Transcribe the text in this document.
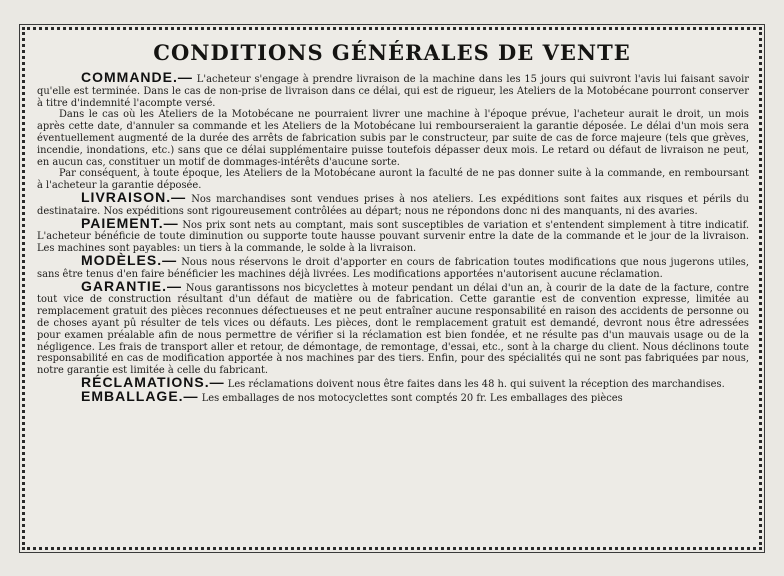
CONDITIONS GÉNÉRALES DE VENTE

COMMANDE.— L'acheteur s'engage à prendre livraison de la machine dans les 15 jours qui suivront l'avis lui faisant savoir qu'elle est terminée. Dans le cas de non-prise de livraison dans ce délai, qui est de rigueur, les Ateliers de la Motobécane pourront conserver à titre d'indemnité l'acompte versé.

Dans le cas où les Ateliers de la Motobécane ne pourraient livrer une machine à l'époque prévue, l'acheteur aurait le droit, un mois après cette date, d'annuler sa commande et les Ateliers de la Motobécane lui rembourseraient la garantie déposée. Le délai d'un mois sera éventuellement augmenté de la durée des arrêts de fabrication subis par le constructeur, par suite de cas de force majeure (tels que grèves, incendie, inondations, etc.) sans que ce délai supplémentaire puisse toutefois dépasser deux mois. Le retard ou défaut de livraison ne peut, en aucun cas, constituer un motif de dommages-intérêts d'aucune sorte.

Par conséquent, à toute époque, les Ateliers de la Motobécane auront la faculté de ne pas donner suite à la commande, en remboursant à l'acheteur la garantie déposée.

LIVRAISON.— Nos marchandises sont vendues prises à nos ateliers. Les expéditions sont faites aux risques et périls du destinataire. Nos expéditions sont rigoureusement contrôlées au départ; nous ne répondons donc ni des manquants, ni des avaries.

PAIEMENT.— Nos prix sont nets au comptant, mais sont susceptibles de variation et s'entendent simplement à titre indicatif. L'acheteur bénéficie de toute diminution ou supporte toute hausse pouvant survenir entre la date de la commande et le jour de la livraison. Les machines sont payables: un tiers à la commande, le solde à la livraison.

MODÈLES.— Nous nous réservons le droit d'apporter en cours de fabrication toutes modifications que nous jugerons utiles, sans être tenus d'en faire bénéficier les machines déjà livrées. Les modifications apportées n'autorisent aucune réclamation.

GARANTIE.— Nous garantissons nos bicyclettes à moteur pendant un délai d'un an, à courir de la date de la facture, contre tout vice de construction résultant d'un défaut de matière ou de fabrication. Cette garantie est de convention expresse, limitée au remplacement gratuit des pièces reconnues défectueuses et ne peut entraîner aucune responsabilité en raison des accidents de personne ou de choses ayant pû résulter de tels vices ou défauts. Les pièces, dont le remplacement gratuit est demandé, devront nous être adressées pour examen préalable afin de nous permettre de vérifier si la réclamation est bien fondée, et ne résulte pas d'un mauvais usage ou de la négligence. Les frais de transport aller et retour, de démontage, de remontage, d'essai, etc., sont à la charge du client. Nous déclinons toute responsabilité en cas de modification apportée à nos machines par des tiers. Enfin, pour des spécialités qui ne sont pas fabriquées par nous, notre garantie est limitée à celle du fabricant.

RÉCLAMATIONS.— Les réclamations doivent nous être faites dans les 48 h. qui suivent la réception des marchandises.

EMBALLAGE.— Les emballages de nos motocyclettes sont comptés 20 fr. Les emballages des pièces
